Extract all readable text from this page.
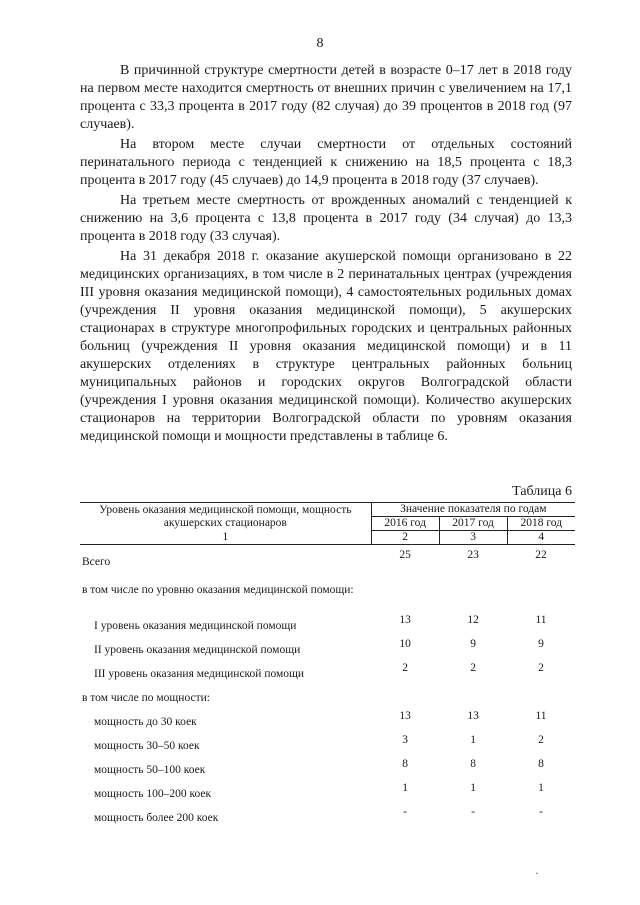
8

В причинной структуре смертности детей в возрасте 0–17 лет в 2018 году на первом месте находится смертность от внешних причин с увеличением на 17,1 процента с 33,3 процента в 2017 году (82 случая) до 39 процентов в 2018 год (97 случаев).

На втором месте случаи смертности от отдельных состояний перинатального периода с тенденцией к снижению на 18,5 процента с 18,3 процента в 2017 году (45 случаев) до 14,9 процента в 2018 году (37 случаев).

На третьем месте смертность от врожденных аномалий с тенденцией к снижению на 3,6 процента с 13,8 процента в 2017 году (34 случая) до 13,3 процента в 2018 году (33 случая).

На 31 декабря 2018 г. оказание акушерской помощи организовано в 22 медицинских организациях, в том числе в 2 перинатальных центрах (учреждения III уровня оказания медицинской помощи), 4 самостоятельных родильных домах (учреждения II уровня оказания медицинской помощи), 5 акушерских стационарах в структуре многопрофильных городских и центральных районных больниц (учреждения II уровня оказания медицинской помощи) и в 11 акушерских отделениях в структуре центральных районных больниц муниципальных районов и городских округов Волгоградской области (учреждения I уровня оказания медицинской помощи). Количество акушерских стационаров на территории Волгоградской области по уровням оказания медицинской помощи и мощности представлены в таблице 6.

Таблица 6
Уровень оказания медицинской помощи, мощность акушерских стационаров	Значение показателя по годам		
	2016 год	2017 год	2018 год
1	2	3	4
Всего	25	23	22
в том числе по уровню оказания медицинской помощи:			
I уровень оказания медицинской помощи	13	12	11
II уровень оказания медицинской помощи	10	9	9
III уровень оказания медицинской помощи	2	2	2
в том числе по мощности:			
мощность до 30 коек	13	13	11
мощность 30–50 коек	3	1	2
мощность 50–100 коек	8	8	8
мощность 100–200 коек	1	1	1
мощность более 200 коек	-	-	-
·
